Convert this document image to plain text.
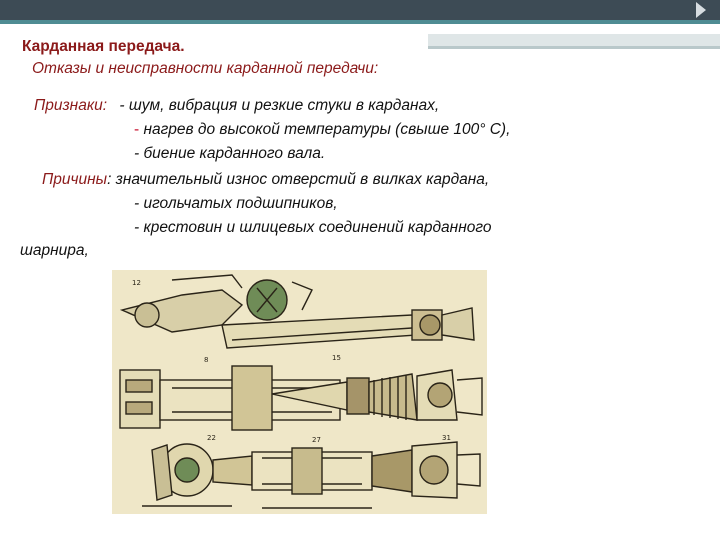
Карданная передача.
Отказы и неисправности карданной передачи:
Признаки: - шум, вибрация и резкие стуки в карданах,
- нагрев до высокой температуры (свыше 100° С),
- биение карданного вала.
Причины: значительный износ отверстий в вилках кардана,
- игольчатых подшипников,
- крестовин и шлицевых соединений карданного
шарнира,
12
8	15
22	27	31
